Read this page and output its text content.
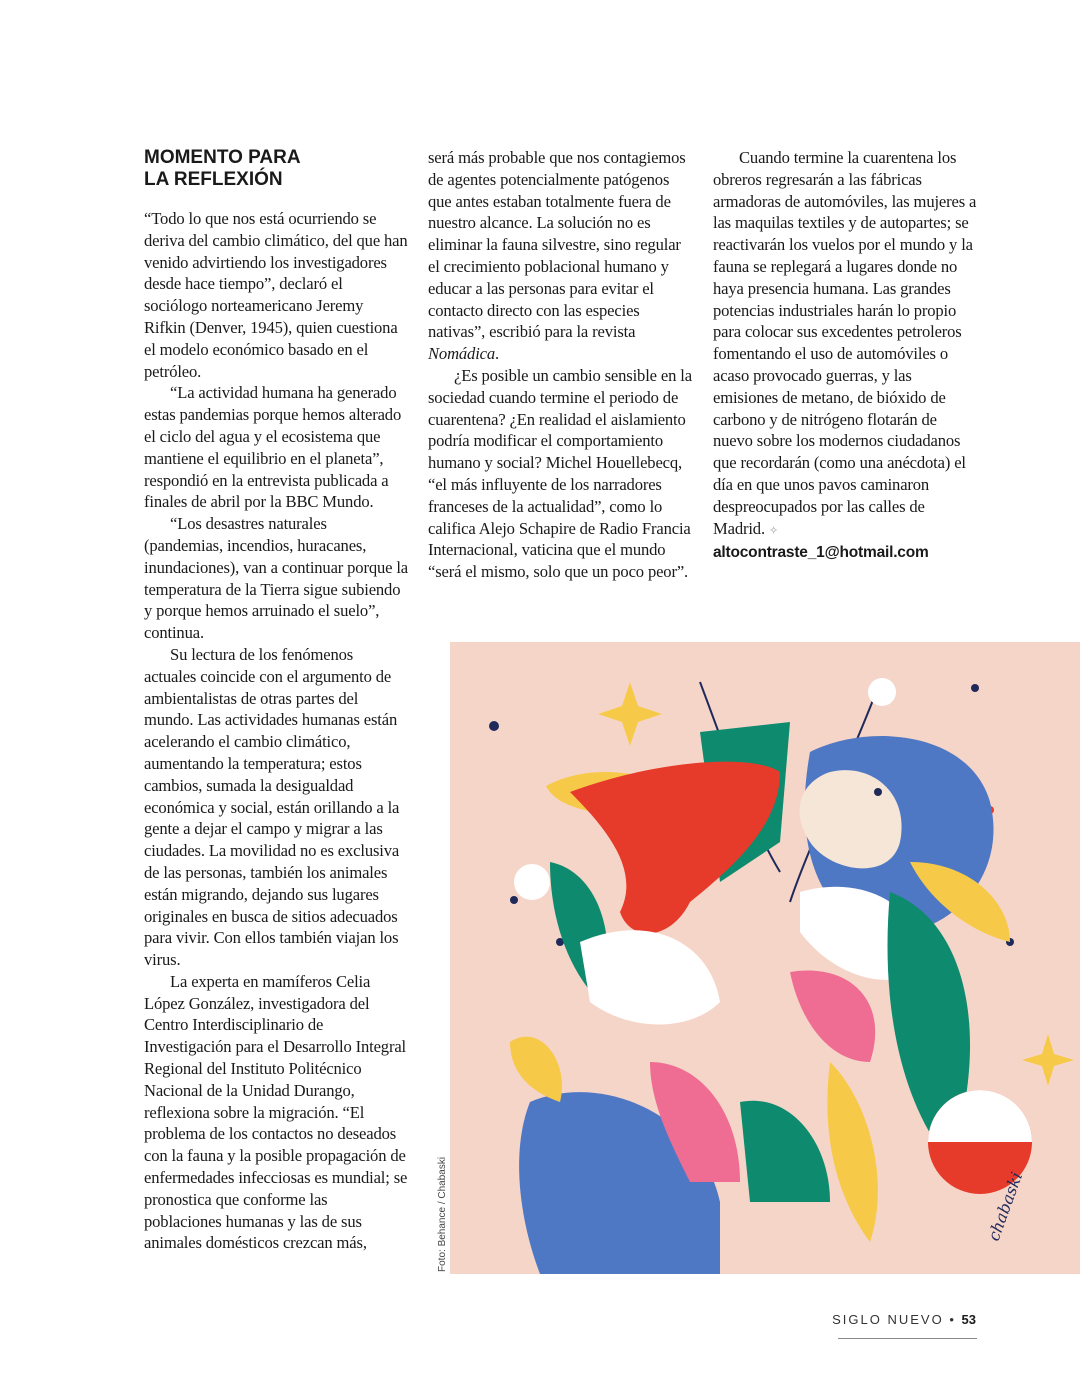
MOMENTO PARA
LA REFLEXIÓN

“Todo lo que nos está ocurriendo se deriva del cambio climático, del que han venido advirtiendo los investigadores desde hace tiempo”, declaró el sociólogo norteamericano Jeremy Rifkin (Denver, 1945), quien cuestiona el modelo económico basado en el petróleo.

“La actividad humana ha generado estas pandemias porque hemos alterado el ciclo del agua y el ecosistema que mantiene el equilibrio en el planeta”, respondió en la entrevista publicada a finales de abril por la BBC Mundo.

“Los desastres naturales (pandemias, incendios, huracanes, inundaciones), van a continuar porque la temperatura de la Tierra sigue subiendo y porque hemos arruinado el suelo”, continua.

Su lectura de los fenómenos actuales coincide con el argumento de ambientalistas de otras partes del mundo. Las actividades humanas están acelerando el cambio climático, aumentando la temperatura; estos cambios, sumada la desigualdad económica y social, están orillando a la gente a dejar el campo y migrar a las ciudades. La movilidad no es exclusiva de las personas, también los animales están migrando, dejando sus lugares originales en busca de sitios adecuados para vivir. Con ellos también viajan los virus.

La experta en mamíferos Celia López González, investigadora del Centro Interdisciplinario de Investigación para el Desarrollo Integral Regional del Instituto Politécnico Nacional de la Unidad Durango, reflexiona sobre la migración. “El problema de los contactos no deseados con la fauna y la posible propagación de enfermedades infecciosas es mundial; se pronostica que conforme las poblaciones humanas y las de sus animales domésticos crezcan más,

será más probable que nos contagiemos de agentes potencialmente patógenos que antes estaban totalmente fuera de nuestro alcance. La solución no es eliminar la fauna silvestre, sino regular el crecimiento poblacional humano y educar a las personas para evitar el contacto directo con las especies nativas”, escribió para la revista Nomádica.

¿Es posible un cambio sensible en la sociedad cuando termine el periodo de cuarentena? ¿En realidad el aislamiento podría modificar el comportamiento humano y social? Michel Houellebecq, “el más influyente de los narradores franceses de la actualidad”, como lo califica Alejo Schapire de Radio Francia Internacional, vaticina que el mundo “será el mismo, solo que un poco peor”.

Cuando termine la cuarentena los obreros regresarán a las fábricas armadoras de automóviles, las mujeres a las maquilas textiles y de autopartes; se reactivarán los vuelos por el mundo y la fauna se replegará a lugares donde no haya presencia humana. Las grandes potencias industriales harán lo propio para colocar sus excedentes petroleros fomentando el uso de automóviles o acaso provocado guerras, y las emisiones de metano, de bióxido de carbono y de nitrógeno flotarán de nuevo sobre los modernos ciudadanos que recordarán (como una anécdota) el día en que unos pavos caminaron despreocupados por las calles de Madrid. ✧

altocontraste_1@hotmail.com

chabaski
Foto: Behance / Chabaski
SIGLO NUEVO • 53
